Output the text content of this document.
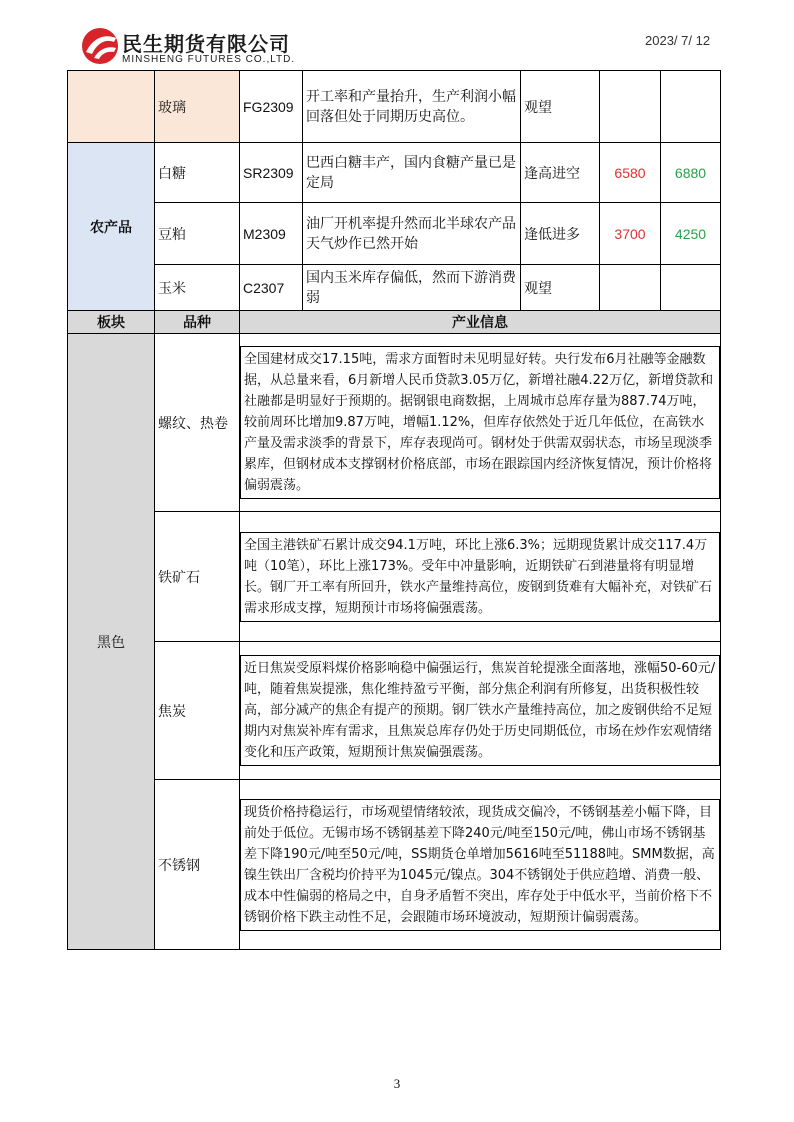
民生期货有限公司
MINSHENG FUTURES CO.,LTD.
2023/ 7/ 12
	玻璃	FG2309	开工率和产量抬升，生产利润小幅回落但处于同期历史高位。	观望		
农产品	白糖	SR2309	巴西白糖丰产，国内食糖产量已是定局	逢高进空	6580	6880
	豆粕	M2309	油厂开机率提升然而北半球农产品天气炒作已然开始	逢低进多	3700	4250
	玉米	C2307	国内玉米库存偏低，然而下游消费弱	观望		
板块	品种	产业信息				
黑色	螺纹、热卷	全国建材成交17.15吨，需求方面暂时未见明显好转。央行发布6月社融等金融数据，从总量来看，6月新增人民币贷款3.05万亿，新增社融4.22万亿，新增贷款和社融都是明显好于预期的。据钢银电商数据，上周城市总库存量为887.74万吨，较前周环比增加9.87万吨，增幅1.12%，但库存依然处于近几年低位，在高铁水产量及需求淡季的背景下，库存表现尚可。钢材处于供需双弱状态，市场呈现淡季累库，但钢材成本支撑钢材价格底部，市场在跟踪国内经济恢复情况，预计价格将偏弱震荡。				

	铁矿石	全国主港铁矿石累计成交94.1万吨，环比上涨6.3%；远期现货累计成交117.4万吨（10笔），环比上涨173%。受年中冲量影响，近期铁矿石到港量将有明显增长。钢厂开工率有所回升，铁水产量维持高位，废钢到货难有大幅补充，对铁矿石需求形成支撑，短期预计市场将偏强震荡。				

	焦炭	近日焦炭受原料煤价格影响稳中偏强运行，焦炭首轮提涨全面落地，涨幅50-60元/吨，随着焦炭提涨，焦化维持盈亏平衡，部分焦企利润有所修复，出货积极性较高，部分减产的焦企有提产的预期。钢厂铁水产量维持高位，加之废钢供给不足短期内对焦炭补库有需求，且焦炭总库存仍处于历史同期低位，市场在炒作宏观情绪变化和压产政策，短期预计焦炭偏强震荡。				

	不锈钢	现货价格持稳运行，市场观望情绪较浓，现货成交偏冷，不锈钢基差小幅下降，目前处于低位。无锡市场不锈钢基差下降240元/吨至150元/吨，佛山市场不锈钢基差下降190元/吨至50元/吨，SS期货仓单增加5616吨至51188吨。SMM数据，高镍生铁出厂含税均价持平为1045元/镍点。304不锈钢处于供应趋增、消费一般、成本中性偏弱的格局之中，自身矛盾暂不突出，库存处于中低水平，当前价格下不锈钢价格下跌主动性不足，会跟随市场环境波动，短期预计偏弱震荡。				
3
